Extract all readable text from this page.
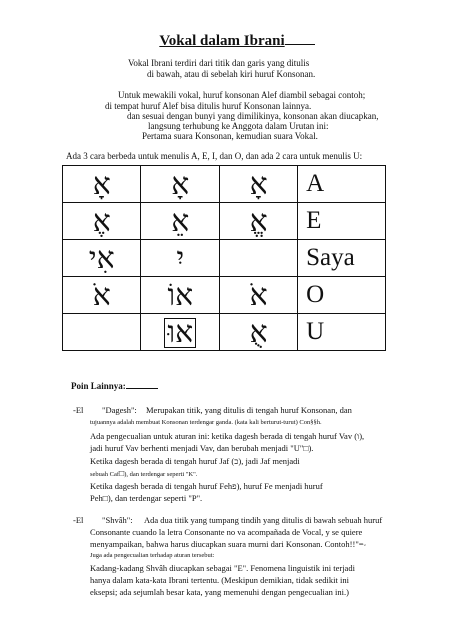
Vokal dalam Ibrani
Vokal Ibrani terdiri dari titik dan garis yang ditulis
di bawah, atau di sebelah kiri huruf Konsonan.
Untuk mewakili vokal, huruf konsonan Alef diambil sebagai contoh;
di tempat huruf Alef bisa ditulis huruf Konsonan lainnya.
dan sesuai dengan bunyi yang dimilikinya, konsonan akan diucapkan,
langsung terhubung ke Anggota dalam Urutan ini:
Pertama suara Konsonan, kemudian suara Vokal.
Ada 3 cara berbeda untuk menulis A, E, I, dan O, dan ada 2 cara untuk menulis U:
אָ	אָ	אָ	A
אֶ	אֵ	אֱ	E
אִי	יִ		Saya
אֹ	אוֹ	אֹ	O
	אוּ	אֻ	U
Poin Lainnya:
-El "Dagesh": Merupakan titik, yang ditulis di tengah huruf Konsonan, dan
tujuannya adalah membuat Konsonan terdengar ganda. (kata kali berturut-turut) Con§§h.
Ada pengecualian untuk aturan ini: ketika dagesh berada di tengah huruf Vav (ו),
jadi huruf Vav berhenti menjadi Vav, dan berubah menjadi "U"□).
Ketika dagesh berada di tengah huruf Jaf (כ), jadi Jaf menjadi
sebuah Caf□), dan terdengar seperti "K".
Ketika dagesh berada di tengah huruf Fehפ), huruf Fe menjadi huruf
Peh□), dan terdengar seperti "P".
-El "Shvâh": Ada dua titik yang tumpang tindih yang ditulis di bawah sebuah huruf
Consonante cuando la letra Consonante no va acompañada de Vocal, y se quiere
menyampaikan, bahwa harus diucapkan suara murni dari Konsonan. $Contoh!!"=_ˇ$
Juga ada pengecualian terhadap aturan tersebut:
Kadang-kadang Shvâh diucapkan sebagai "E". Fenomena linguistik ini terjadi
hanya dalam kata-kata Ibrani tertentu. (Meskipun demikian, tidak sedikit ini
eksepsi; ada sejumlah besar kata, yang memenuhi dengan pengecualian ini.)
